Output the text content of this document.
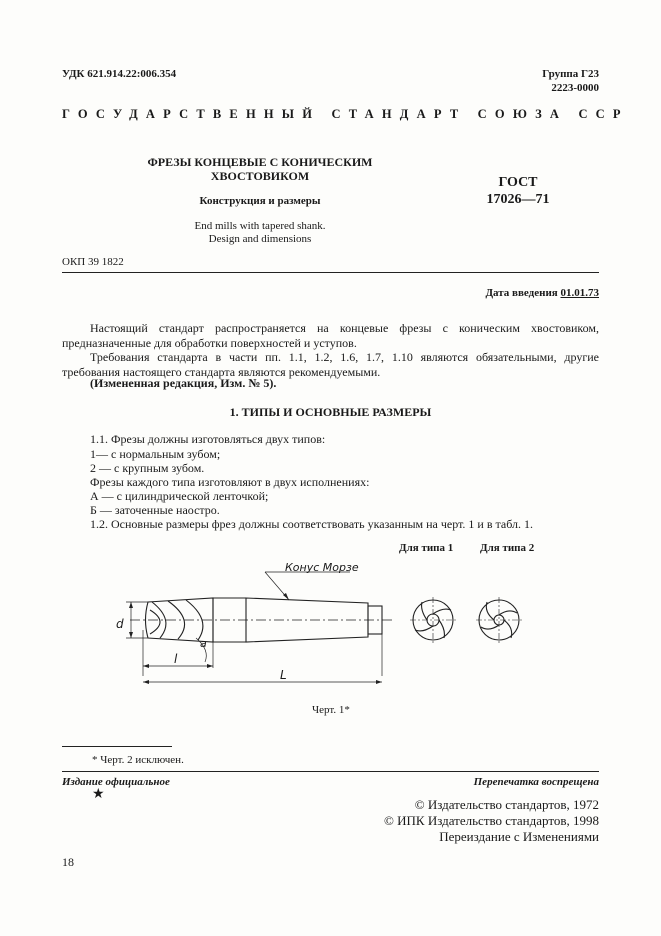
УДК 621.914.22:006.354	Группа Г23
2223-0000
ГОСУДАРСТВЕННЫЙ СТАНДАРТ СОЮЗА ССР
ФРЕЗЫ КОНЦЕВЫЕ С КОНИЧЕСКИМ
ХВОСТОВИКОМ
Конструкция и размеры
End mills with tapered shank.
Design and dimensions
ГОСТ
17026—71
ОКП 39 1822
Дата введения 01.01.73
Настоящий стандарт распространяется на концевые фрезы с коническим хвостовиком, предназначенные для обработки поверхностей и уступов.
Требования стандарта в части пп. 1.1, 1.2, 1.6, 1.7, 1.10 являются обязательными, другие требования настоящего стандарта являются рекомендуемыми.
(Измененная редакция, Изм. № 5).
1. ТИПЫ И ОСНОВНЫЕ РАЗМЕРЫ
1.1. Фрезы должны изготовляться двух типов:
1— с нормальным зубом;
2 — с крупным зубом.
Фрезы каждого типа изготовляют в двух исполнениях:
А — с цилиндрической ленточкой;
Б — заточенные наостро.
1.2. Основные размеры фрез должны соответствовать указанным на черт. 1 и в табл. 1.
Для типа 1 Для типа 2
Конус Морзе
d
l
L
a
Черт. 1*
* Черт. 2 исключен.
Издание официальное
★
Перепечатка воспрещена
© Издательство стандартов, 1972
© ИПК Издательство стандартов, 1998
Переиздание с Изменениями
18
